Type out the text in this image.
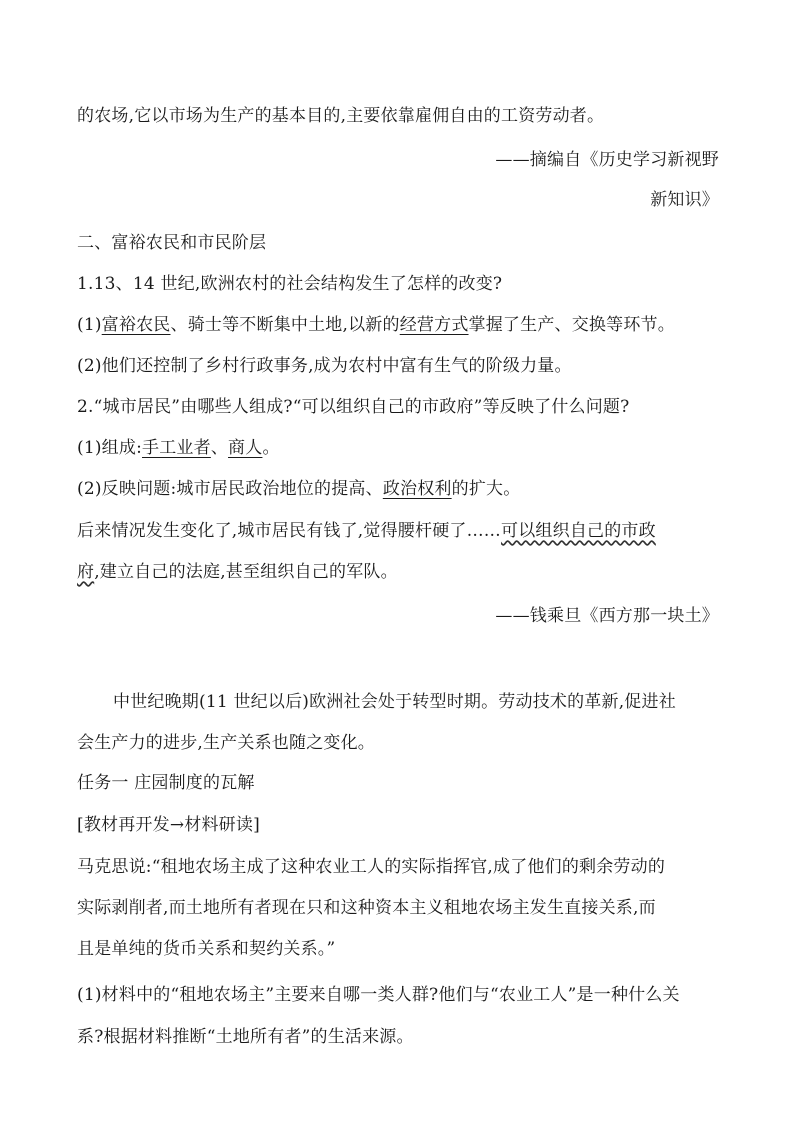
的农场,它以市场为生产的基本目的,主要依靠雇佣自由的工资劳动者。
——摘编自《历史学习新视野
新知识》
二、富裕农民和市民阶层
1.13、14 世纪,欧洲农村的社会结构发生了怎样的改变?
(1)富裕农民、骑士等不断集中土地,以新的经营方式掌握了生产、交换等环节。
(2)他们还控制了乡村行政事务,成为农村中富有生气的阶级力量。
2.“城市居民”由哪些人组成?“可以组织自己的市政府”等反映了什么问题?
(1)组成:手工业者、商人。
(2)反映问题:城市居民政治地位的提高、政治权利的扩大。
后来情况发生变化了,城市居民有钱了,觉得腰杆硬了……可以组织自己的市政
府,建立自己的法庭,甚至组织自己的军队。
——钱乘旦《西方那一块土》
中世纪晚期(11 世纪以后)欧洲社会处于转型时期。劳动技术的革新,促进社
会生产力的进步,生产关系也随之变化。
任务一 庄园制度的瓦解
[教材再开发→材料研读]
马克思说:“租地农场主成了这种农业工人的实际指挥官,成了他们的剩余劳动的
实际剥削者,而土地所有者现在只和这种资本主义租地农场主发生直接关系,而
且是单纯的货币关系和契约关系。”
(1)材料中的“租地农场主”主要来自哪一类人群?他们与“农业工人”是一种什么关
系?根据材料推断“土地所有者”的生活来源。
